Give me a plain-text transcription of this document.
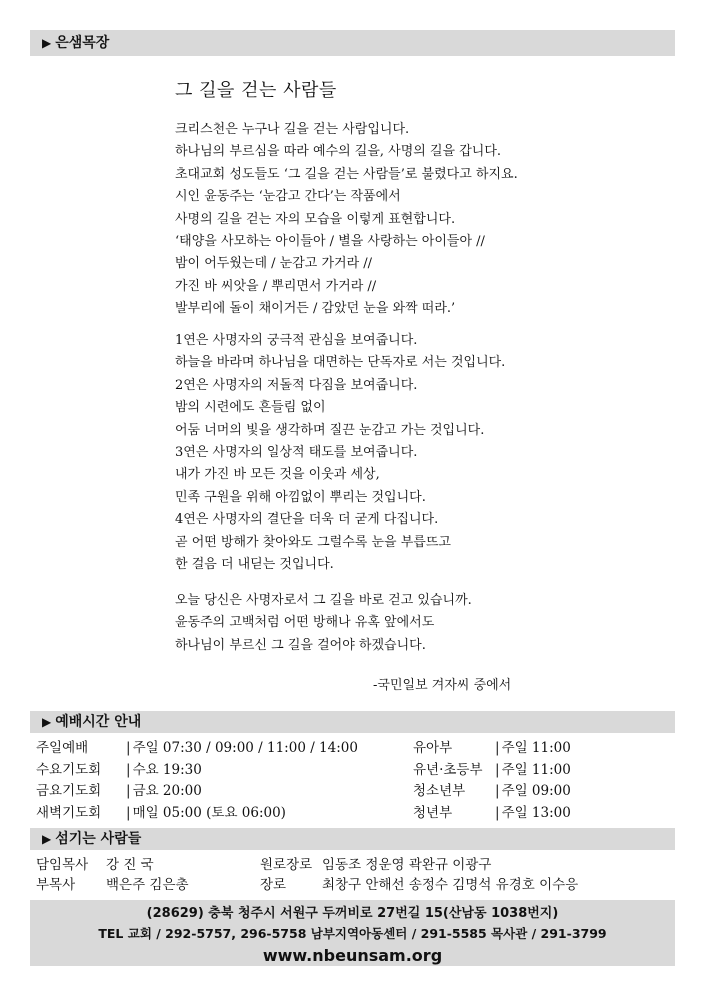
▶ 은샘목장
그 길을 걷는 사람들
크리스천은 누구나 길을 걷는 사람입니다.
하나님의 부르심을 따라 예수의 길을, 사명의 길을 갑니다.
초대교회 성도들도 ‘그 길을 걷는 사람들’로 불렸다고 하지요.
시인 윤동주는 ‘눈감고 간다’는 작품에서
사명의 길을 걷는 자의 모습을 이렇게 표현합니다.
‘태양을 사모하는 아이들아 / 별을 사랑하는 아이들아 //
밤이 어두웠는데 / 눈감고 가거라 //
가진 바 씨앗을 / 뿌리면서 가거라 //
발부리에 돌이 채이거든 / 감았던 눈을 와짝 떠라.’
1연은 사명자의 궁극적 관심을 보여줍니다.
하늘을 바라며 하나님을 대면하는 단독자로 서는 것입니다.
2연은 사명자의 저돌적 다짐을 보여줍니다.
밤의 시련에도 흔들림 없이
어둠 너머의 빛을 생각하며 질끈 눈감고 가는 것입니다.
3연은 사명자의 일상적 태도를 보여줍니다.
내가 가진 바 모든 것을 이웃과 세상,
민족 구원을 위해 아낌없이 뿌리는 것입니다.
4연은 사명자의 결단을 더욱 더 굳게 다집니다.
곧 어떤 방해가 찾아와도 그럴수록 눈을 부릅뜨고
한 걸음 더 내딛는 것입니다.
오늘 당신은 사명자로서 그 길을 바로 걷고 있습니까.
윤동주의 고백처럼 어떤 방해나 유혹 앞에서도
하나님이 부르신 그 길을 걸어야 하겠습니다.
-국민일보 겨자씨 중에서
▶ 예배시간 안내
주일예배	| 주일 07:30 / 09:00 / 11:00 / 14:00
수요기도회 | 수요 19:30
금요기도회 | 금요 20:00
새벽기도회 | 매일 05:00 (토요 06:00)
유아부	| 주일 11:00
유년·초등부 | 주일 11:00
청소년부 | 주일 09:00
청년부	| 주일 13:00
▶ 섬기는 사람들
담임목사 강 진 국
부목사 백은주 김은총
원로장로 임동조 정운영 곽완규 이광구
장로	최창구 안해선 송정수 김명석 유경호 이수응
(28629) 충북 청주시 서원구 두꺼비로 27번길 15(산남동 1038번지)
TEL 교회 / 292-5757, 296-5758 남부지역아동센터 / 291-5585 목사관 / 291-3799
www.nbeunsam.org
